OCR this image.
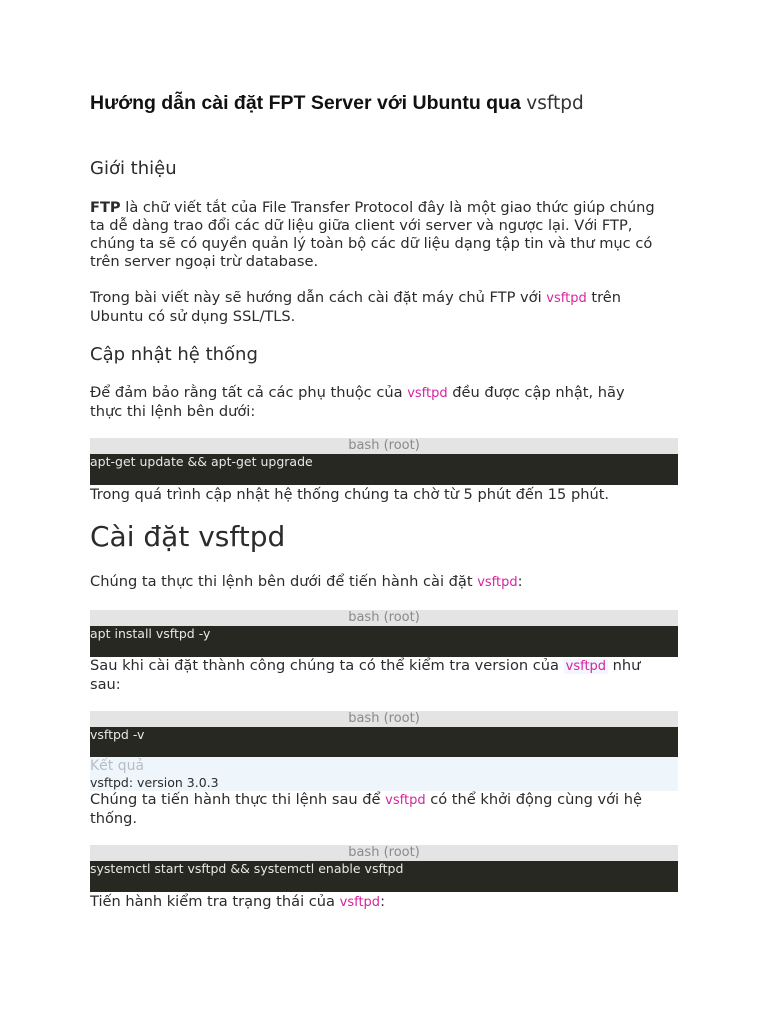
Hướng dẫn cài đặt FPT Server với Ubuntu qua vsftpd
Giới thiệu

FTP là chữ viết tắt của File Transfer Protocol đây là một giao thức giúp chúng
ta dễ dàng trao đổi các dữ liệu giữa client với server và ngược lại. Với FTP,
chúng ta sẽ có quyền quản lý toàn bộ các dữ liệu dạng tập tin và thư mục có
trên server ngoại trừ database.

Trong bài viết này sẽ hướng dẫn cách cài đặt máy chủ FTP với vsftpd trên
Ubuntu có sử dụng SSL/TLS.

Cập nhật hệ thống

Để đảm bảo rằng tất cả các phụ thuộc của vsftpd đều được cập nhật, hãy
thực thi lệnh bên dưới:

bash (root)
apt-get update && apt-get upgrade

Trong quá trình cập nhật hệ thống chúng ta chờ từ 5 phút đến 15 phút.

Cài đặt vsftpd

Chúng ta thực thi lệnh bên dưới để tiến hành cài đặt vsftpd:

bash (root)
apt install vsftpd -y

Sau khi cài đặt thành công chúng ta có thể kiểm tra version của vsftpd như
sau:

bash (root)
vsftpd -v
Kết quả
vsftpd: version 3.0.3

Chúng ta tiến hành thực thi lệnh sau để vsftpd có thể khởi động cùng với hệ
thống.

bash (root)
systemctl start vsftpd && systemctl enable vsftpd

Tiến hành kiểm tra trạng thái của vsftpd:
